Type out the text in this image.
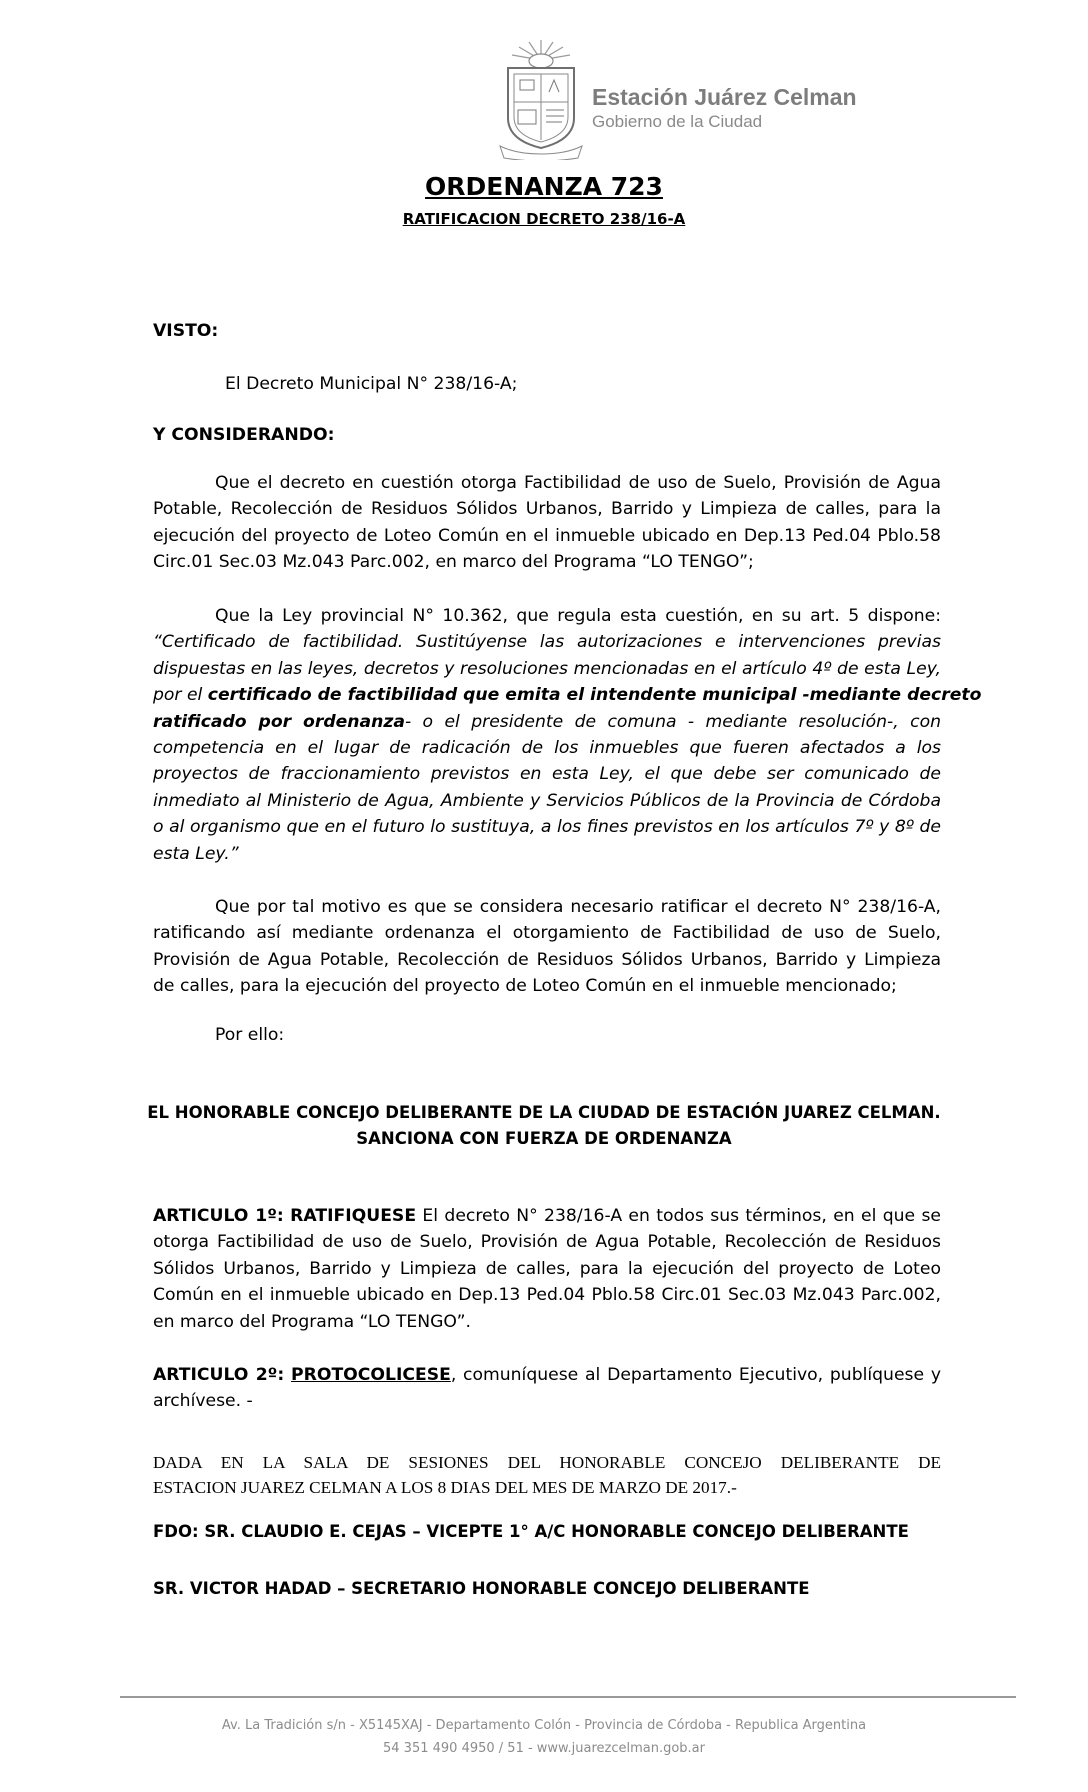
Estación Juárez Celman
Gobierno de la Ciudad
ORDENANZA 723
RATIFICACION DECRETO 238/16-A
VISTO:
El Decreto Municipal N° 238/16-A;
Y CONSIDERANDO:
Que el decreto en cuestión otorga Factibilidad de uso de Suelo, Provisión de Agua
Potable, Recolección de Residuos Sólidos Urbanos, Barrido y Limpieza de calles, para la
ejecución del proyecto de Loteo Común en el inmueble ubicado en Dep.13 Ped.04 Pblo.58
Circ.01 Sec.03 Mz.043 Parc.002, en marco del Programa “LO TENGO”;
Que la Ley provincial N° 10.362, que regula esta cuestión, en su art. 5 dispone:
“Certificado de factibilidad. Sustitúyense las autorizaciones e intervenciones previas
dispuestas en las leyes, decretos y resoluciones mencionadas en el artículo 4º de esta Ley,
por el certificado de factibilidad que emita el intendente municipal -mediante decreto
ratificado por ordenanza- o el presidente de comuna - mediante resolución-, con
competencia en el lugar de radicación de los inmuebles que fueren afectados a los
proyectos de fraccionamiento previstos en esta Ley, el que debe ser comunicado de
inmediato al Ministerio de Agua, Ambiente y Servicios Públicos de la Provincia de Córdoba
o al organismo que en el futuro lo sustituya, a los fines previstos en los artículos 7º y 8º de
esta Ley.”
Que por tal motivo es que se considera necesario ratificar el decreto N° 238/16-A,
ratificando así mediante ordenanza el otorgamiento de Factibilidad de uso de Suelo,
Provisión de Agua Potable, Recolección de Residuos Sólidos Urbanos, Barrido y Limpieza
de calles, para la ejecución del proyecto de Loteo Común en el inmueble mencionado;
Por ello:
EL HONORABLE CONCEJO DELIBERANTE DE LA CIUDAD DE ESTACIÓN JUAREZ CELMAN.
SANCIONA CON FUERZA DE ORDENANZA
ARTICULO 1º: RATIFIQUESE El decreto N° 238/16-A en todos sus términos, en el que se
otorga Factibilidad de uso de Suelo, Provisión de Agua Potable, Recolección de Residuos
Sólidos Urbanos, Barrido y Limpieza de calles, para la ejecución del proyecto de Loteo
Común en el inmueble ubicado en Dep.13 Ped.04 Pblo.58 Circ.01 Sec.03 Mz.043 Parc.002,
en marco del Programa “LO TENGO”.
ARTICULO 2º: PROTOCOLICESE, comuníquese al Departamento Ejecutivo, publíquese y
archívese. -
DADA EN LA SALA DE SESIONES DEL HONORABLE CONCEJO DELIBERANTE DE
ESTACION JUAREZ CELMAN A LOS 8 DIAS DEL MES DE MARZO DE 2017.-
FDO: SR. CLAUDIO E. CEJAS – VICEPTE 1° A/C HONORABLE CONCEJO DELIBERANTE
SR. VICTOR HADAD – SECRETARIO HONORABLE CONCEJO DELIBERANTE
Av. La Tradición s/n - X5145XAJ - Departamento Colón - Provincia de Córdoba - Republica Argentina
54 351 490 4950 / 51 - www.juarezcelman.gob.ar
